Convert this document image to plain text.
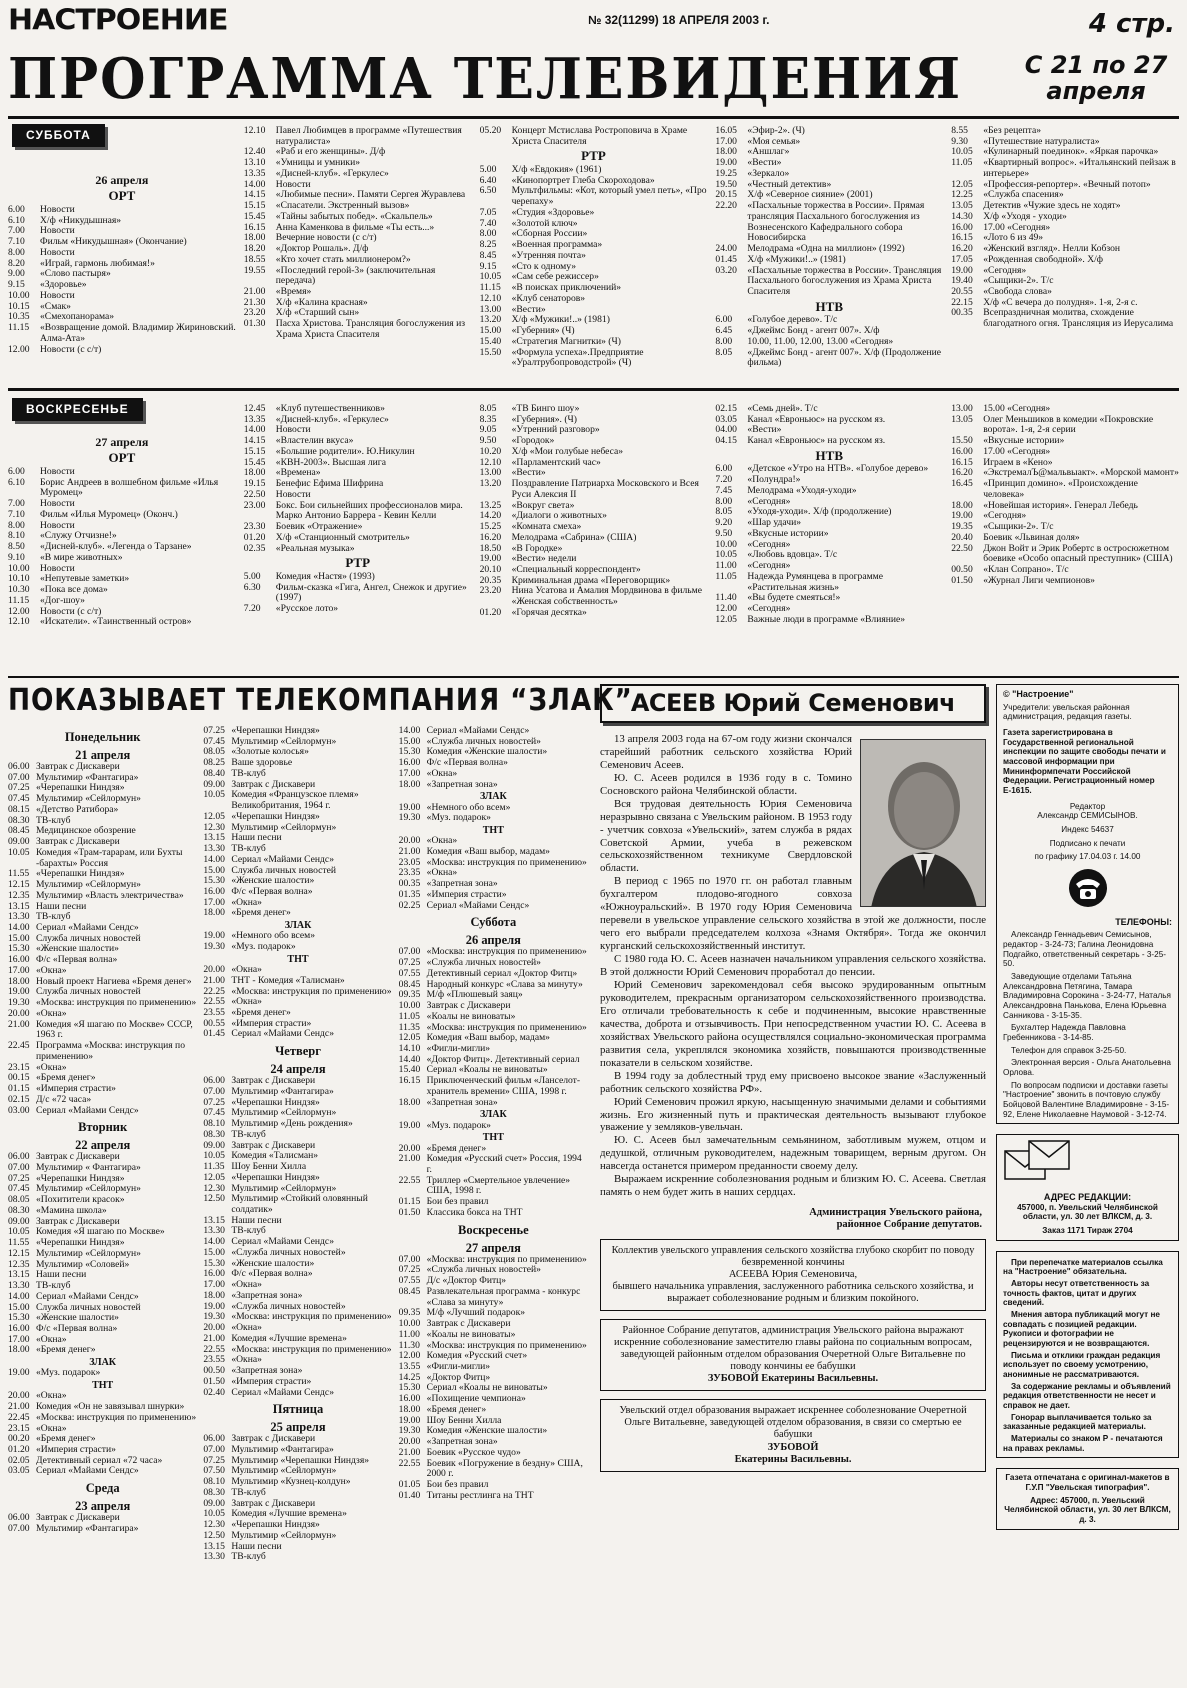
НАСТРОЕНИЕ	№ 32(11299) 18 АПРЕЛЯ 2003 г.	4 стр.
ПРОГРАММА ТЕЛЕВИДЕНИЯ	С 21 по 27 апреля
СУББОТА
26 апреля
ОРТ

6.00 Новости

6.10 Х/ф «Никудышная»

7.00 Новости

7.10 Фильм «Никудышная» (Окончание)

8.00 Новости

8.20 «Играй, гармонь любимая!»

9.00 «Слово пастыря»

9.15 «Здоровье»

10.00 Новости

10.15 «Смак»

10.35 «Смехопанорама»

11.15 «Возвращение домой. Владимир Жириновский. Алма-Ата»

12.00 Новости (с с/т)

12.10 Павел Любимцев в программе «Путешествия натуралиста»

12.40 «Раб и его женщины». Д/ф

13.10 «Умницы и умники»

13.35 «Дисней-клуб». «Геркулес»

14.00 Новости

14.15 «Любимые песни». Памяти Сергея Журавлева

15.15 «Спасатели. Экстренный вызов»

15.45 «Тайны забытых побед». «Скальпель»

16.15 Анна Каменкова в фильме «Ты есть...»

18.00 Вечерние новости (с с/т)

18.20 «Доктор Рошаль». Д/ф

18.55 «Кто хочет стать миллионером?»

19.55 «Последний герой-3» (заключительная передача)

21.00 «Время»

21.30 Х/ф «Калина красная»

23.20 Х/ф «Старший сын»

01.30 Пасха Христова. Трансляция богослужения из Храма Христа Спасителя

05.20 Концерт Мстислава Ростроповича в Храме Христа Спасителя

РТР

5.00 Х/ф «Евдокия» (1961)

6.40 «Кинопортрет Глеба Скороходова»

6.50 Мультфильмы: «Кот, который умел петь», «Про черепаху»

7.05 «Студия «Здоровье»

7.40 «Золотой ключ»

8.00 «Сборная России»

8.25 «Военная программа»

8.45 «Утренняя почта»

9.15 «Сто к одному»

10.05 «Сам себе режиссер»

11.15 «В поисках приключений»

12.10 «Клуб сенаторов»

13.00 «Вести»

13.20 Х/ф «Мужики!..» (1981)

15.00 «Губерния» (Ч)

15.40 «Стратегия Магнитки» (Ч)

15.50 «Формула успеха».Предприятие «Уралтрубопроводстрой» (Ч)

16.05 «Эфир-2». (Ч)

17.00 «Моя семья»

18.00 «Аншлаг»

19.00 «Вести»

19.25 «Зеркало»

19.50 «Честный детектив»

20.15 Х/ф «Северное сияние» (2001)

22.20 «Пасхальные торжества в России». Прямая трансляция Пасхального богослужения из Вознесенского Кафедрального собора Новосибирска

24.00 Мелодрама «Одна на миллион» (1992)

01.45 Х/ф «Мужики!..» (1981)

03.20 «Пасхальные торжества в России». Трансляция Пасхального богослужения из Храма Христа Спасителя

НТВ

6.00 «Голубое дерево». Т/с

6.45 «Джеймс Бонд - агент 007». Х/ф

8.00 10.00, 11.00, 12.00, 13.00 «Сегодня»

8.05 «Джеймс Бонд - агент 007». Х/ф (Продолжение фильма)

8.55 «Без рецепта»

9.30 «Путешествие натуралиста»

10.05 «Кулинарный поединок». «Яркая парочка»

11.05 «Квартирный вопрос». «Итальянский пейзаж в интерьере»

12.05 «Профессия-репортер». «Вечный потоп»

12.25 «Служба спасения»

13.05 Детектив «Чужие здесь не ходят»

14.30 Х/ф «Уходя - уходи»

16.00 17.00 «Сегодня»

16.15 «Лото 6 из 49»

16.20 «Женский взгляд». Нелли Кобзон

17.05 «Рожденная свободной». Х/ф

19.00 «Сегодня»

19.40 «Сыщики-2». Т/с

20.55 «Свобода слова»

22.15 Х/ф «С вечера до полудня». 1-я, 2-я с.

00.35 Всепраздничная молитва, схождение благодатного огня. Трансляция из Иерусалима

ВОСКРЕСЕНЬЕ
27 апреля
ОРТ

6.00 Новости

6.10 Борис Андреев в волшебном фильме «Илья Муромец»

7.00 Новости

7.10 Фильм «Илья Муромец» (Оконч.)

8.00 Новости

8.10 «Служу Отчизне!»

8.50 «Дисней-клуб». «Легенда о Тарзане»

9.10 «В мире животных»

10.00 Новости

10.10 «Непутевые заметки»

10.30 «Пока все дома»

11.15 «Дог-шоу»

12.00 Новости (с с/т)

12.10 «Искатели». «Таинственный остров»

12.45 «Клуб путешественников»

13.35 «Дисней-клуб». «Геркулес»

14.00 Новости

14.15 «Властелин вкуса»

15.15 «Большие родители». Ю.Никулин

15.45 «КВН-2003». Высшая лига

18.00 «Времена»

19.15 Бенефис Ефима Шифрина

22.50 Новости

23.00 Бокс. Бои сильнейших профессионалов мира. Марко Антонио Баррера - Кевин Келли

23.30 Боевик «Отражение»

01.20 Х/ф «Станционный смотритель»

02.35 «Реальная музыка»

РТР

5.00 Комедия «Настя» (1993)

6.30 Фильм-сказка «Гига, Ангел, Снежок и другие» (1997)

7.20 «Русское лото»

8.05 «ТВ Бинго шоу»

8.35 «Губерния». (Ч)

9.05 «Утренний разговор»

9.50 «Городок»

10.20 Х/ф «Мои голубые небеса»

12.10 «Парламентский час»

13.00 «Вести»

13.20 Поздравление Патриарха Московского и Всея Руси Алексия II

13.25 «Вокруг света»

14.20 «Диалоги о животных»

15.25 «Комната смеха»

16.20 Мелодрама «Сабрина» (США)

18.50 «В Городке»

19.00 «Вести» недели

20.10 «Специальный корреспондент»

20.35 Криминальная драма «Переговорщик»

23.20 Нина Усатова и Амалия Мордвинова в фильме «Женская собственность»

01.20 «Горячая десятка»

02.15 «Семь дней». Т/с

03.05 Канал «Евроньюс» на русском яз.

04.00 «Вести»

04.15 Канал «Евроньюс» на русском яз.

НТВ

6.00 «Детское «Утро на НТВ». «Голубое дерево»

7.20 «Полундра!»

7.45 Мелодрама «Уходя-уходи»

8.00 «Сегодня»

8.05 «Уходя-уходи». Х/ф (продолжение)

9.20 «Шар удачи»

9.50 «Вкусные истории»

10.00 «Сегодня»

10.05 «Любовь вдовца». Т/с

11.00 «Сегодня»

11.05 Надежда Румянцева в программе «Растительная жизнь»

11.40 «Вы будете смеяться!»

12.00 «Сегодня»

12.05 Важные люди в программе «Влияние»

13.00 15.00 «Сегодня»

13.05 Олег Меньшиков в комедии «Покровские ворота». 1-я, 2-я серии

15.50 «Вкусные истории»

16.00 17.00 «Сегодня»

16.15 Играем в «Кено»

16.20 «ЭкстремалЪ@мальвыакт». «Морской мамонт»

16.45 «Принцип домино». «Происхождение человека»

18.00 «Новейшая история». Генерал Лебедь

19.00 «Сегодня»

19.35 «Сыщики-2». Т/с

20.40 Боевик «Львиная доля»

22.50 Джон Войт и Эрик Робертс в остросюжетном боевике «Особо опасный преступник» (США)

00.50 «Клан Сопрано». Т/с

01.50 «Журнал Лиги чемпионов»

ПОКАЗЫВАЕТ ТЕЛЕКОМПАНИЯ “ЗЛАК”
Понедельник
21 апреля

06.00 Завтрак с Дискавери

07.00 Мультимир «Фантагира»

07.25 «Черепашки Ниндзя»

07.45 Мультимир «Сейлормун»

08.15 «Детство Ратибора»

08.30 ТВ-клуб

08.45 Медицинское обозрение

09.00 Завтрак с Дискавери

10.05 Комедия «Трам-тарарам, или Бухты -барахты» Россия

11.55 «Черепашки Ниндзя»

12.15 Мультимир «Сейлормун»

12.35 Мультимир «Власть электричества»

13.15 Наши песни

13.30 ТВ-клуб

14.00 Сериал «Майами Сендс»

15.00 Служба личных новостей

15.30 «Женские шалости»

16.00 Ф/с «Первая волна»

17.00 «Окна»

18.00 Новый проект Нагиева «Бремя денег»

19.00 Служба личных новостей

19.30 «Москва: инструкция по применению»

20.00 «Окна»

21.00 Комедия «Я шагаю по Москве» СССР, 1963 г.

22.45 Программа «Москва: инструкция по применению»

23.15 «Окна»

00.15 «Бремя денег»

01.15 «Империя страсти»

02.15 Д/с «72 часа»

03.00 Сериал «Майами Сендс»

Вторник
22 апреля

06.00 Завтрак с Дискавери

07.00 Мультимир « Фантагира»

07.25 «Черепашки Ниндзя»

07.45 Мультимир «Сейлормун»

08.05 «Похитители красок»

08.30 «Мамина школа»

09.00 Завтрак с Дискавери

10.05 Комедия «Я шагаю по Москве»

11.55 «Черепашки Ниндзя»

12.15 Мультимир «Сейлормун»

12.35 Мультимир «Соловей»

13.15 Наши песни

13.30 ТВ-клуб

14.00 Сериал «Майами Сендс»

15.00 Служба личных новостей

15.30 «Женские шалости»

16.00 Ф/с «Первая волна»

17.00 «Окна»

18.00 «Бремя денег»

ЗЛАК

19.00 «Муз. подарок»

ТНТ

20.00 «Окна»

21.00 Комедия «Он не завязывал шнурки»

22.45 «Москва: инструкция по применению»

23.15 «Окна»

00.20 «Бремя денег»

01.20 «Империя страсти»

02.05 Детективный сериал «72 часа»

03.05 Сериал «Майами Сендс»

Среда
23 апреля

06.00 Завтрак с Дискавери

07.00 Мультимир «Фантагира»

07.25 «Черепашки Ниндзя»

07.45 Мультимир «Сейлормун»

08.05 «Золотые колосья»

08.25 Ваше здоровье

08.40 ТВ-клуб

09.00 Завтрак с Дискавери

10.05 Комедия «Французское племя» Великобритания, 1964 г.

12.05 «Черепашки Ниндзя»

12.30 Мультимир «Сейлормун»

13.15 Наши песни

13.30 ТВ-клуб

14.00 Сериал «Майами Сендс»

15.00 Служба личных новостей

15.30 «Женские шалости»

16.00 Ф/с «Первая волна»

17.00 «Окна»

18.00 «Бремя денег»

ЗЛАК

19.00 «Немного обо всем»

19.30 «Муз. подарок»

ТНТ

20.00 «Окна»

21.00 ТНТ - Комедия «Талисман»

22.25 «Москва: инструкция по применению»

22.55 «Окна»

23.55 «Бремя денег»

00.55 «Империя страсти»

01.45 Сериал «Майами Сендс»

Четверг
24 апреля

06.00 Завтрак с Дискавери

07.00 Мультимир «Фантагира»

07.25 «Черепашки Ниндзя»

07.45 Мультимир «Сейлормун»

08.10 Мультимир «День рождения»

08.30 ТВ-клуб

09.00 Завтрак с Дискавери

10.05 Комедия «Талисман»

11.35 Шоу Бенни Хилла

12.05 «Черепашки Ниндзя»

12.30 Мультимир «Сейлормун»

12.50 Мультимир «Стойкий оловянный солдатик»

13.15 Наши песни

13.30 ТВ-клуб

14.00 Сериал «Майами Сендс»

15.00 «Служба личных новостей»

15.30 «Женские шалости»

16.00 Ф/с «Первая волна»

17.00 «Окна»

18.00 «Запретная зона»

19.00 «Служба личных новостей»

19.30 «Москва: инструкция по применению»

20.00 «Окна»

21.00 Комедия «Лучшие времена»

22.55 «Москва: инструкция по применению»

23.55 «Окна»

00.50 «Запретная зона»

01.50 «Империя страсти»

02.40 Сериал «Майами Сендс»

Пятница
25 апреля

06.00 Завтрак с Дискавери

07.00 Мультимир «Фантагира»

07.25 Мультимир «Черепашки Ниндзя»

07.50 Мультимир «Сейлормун»

08.10 Мультимир «Кузнец-колдун»

08.30 ТВ-клуб

09.00 Завтрак с Дискавери

10.05 Комедия «Лучшие времена»

12.30 «Черепашки Ниндзя»

12.50 Мультимир «Сейлормун»

13.15 Наши песни

13.30 ТВ-клуб

14.00 Сериал «Майами Сендс»

15.00 «Служба личных новостей»

15.30 Комедия «Женские шалости»

16.00 Ф/с «Первая волна»

17.00 «Окна»

18.00 «Запретная зона»

ЗЛАК

19.00 «Немного обо всем»

19.30 «Муз. подарок»

ТНТ

20.00 «Окна»

21.00 Комедия «Ваш выбор, мадам»

23.05 «Москва: инструкция по применению»

23.35 «Окна»

00.35 «Запретная зона»

01.35 «Империя страсти»

02.25 Сериал «Майами Сендс»

Суббота
26 апреля

07.00 «Москва: инструкция по применению»

07.25 «Служба личных новостей»

07.55 Детективный сериал «Доктор Фитц»

08.45 Народный конкурс «Слава за минуту»

09.35 М/ф «Плюшевый заяц»

10.00 Завтрак с Дискавери

11.05 «Коалы не виноваты»

11.35 «Москва: инструкция по применению»

12.05 Комедия «Ваш выбор, мадам»

14.10 «Фигли-мигли»

14.40 «Доктор Фитц». Детективный сериал

15.40 Сериал «Коалы не виноваты»

16.15 Приключенческий фильм «Ланселот- хранитель времени» США, 1998 г.

18.00 «Запретная зона»

ЗЛАК

19.00 «Муз. подарок»

ТНТ

20.00 «Бремя денег»

21.00 Комедия «Русский счет» Россия, 1994 г.

22.55 Триллер «Смертельное увлечение» США, 1998 г.

01.15 Бои без правил

01.50 Классика бокса на ТНТ

Воскресенье
27 апреля

07.00 «Москва: инструкция по применению»

07.25 «Служба личных новостей»

07.55 Д/с «Доктор Фитц»

08.45 Развлекательная программа - конкурс «Слава за минуту»

09.35 М/ф «Лучший подарок»

10.00 Завтрак с Дискавери

11.00 «Коалы не виноваты»

11.30 «Москва: инструкция по применению»

12.00 Комедия «Русский счет»

13.55 «Фигли-мигли»

14.25 «Доктор Фитц»

15.30 Сериал «Коалы не виноваты»

16.00 «Похищение чемпиона»

18.00 «Бремя денег»

19.00 Шоу Бенни Хилла

19.30 Комедия «Женские шалости»

20.00 «Запретная зона»

21.00 Боевик «Русское чудо»

22.55 Боевик «Погружение в бездну» США, 2000 г.

01.05 Бои без правил

01.40 Титаны рестлинга на ТНТ

АСЕЕВ Юрий Семенович

13 апреля 2003 года на 67-ом году жизни скончался старейший работник сельского хозяйства Юрий Семенович Асеев.

Ю. С. Асеев родился в 1936 году в с. Томино Сосновского района Челябинской области.

Вся трудовая деятельность Юрия Семеновича неразрывно связана с Увельским районом. В 1953 году - учетчик совхоза «Увельский», затем служба в рядах Советской Армии, учеба в режевском сельскохозяйственном техникуме Свердловской области.

В период с 1965 по 1970 гг. он работал главным бухгалтером плодово-ягодного совхоза «Южноуральский». В 1970 году Юрия Семеновича перевели в увельское управление сельского хозяйства в этой же должности, после чего его выбрали председателем колхоза «Знамя Октября». Тогда же окончил курганский сельскохозяйственный институт.

С 1980 года Ю. С. Асеев назначен начальником управления сельского хозяйства. В этой должности Юрий Семенович проработал до пенсии.

Юрий Семенович зарекомендовал себя высоко эрудированным опытным руководителем, прекрасным организатором сельскохозяйственного производства. Его отличали требовательность к себе и подчиненным, высокие нравственные качества, доброта и отзывчивость. При непосредственном участии Ю. С. Асеева в хозяйствах Увельского района осуществлялся социально-экономическая программа развития села, укреплялся экономика хозяйств, повышаются производственные показатели в сельском хозяйстве.

В 1994 году за доблестный труд ему присвоено высокое звание «Заслуженный работник сельского хозяйства РФ».

Юрий Семенович прожил яркую, насыщенную значимыми делами и событиями жизнь. Его жизненный путь и практическая деятельность вызывают глубокое уважение у земляков-увельчан.

Ю. С. Асеев был замечательным семьянином, заботливым мужем, отцом и дедушкой, отличным руководителем, надежным товарищем, верным другом. Он навсегда останется примером преданности своему делу.

Выражаем искренние соболезнования родным и близким Ю. С. Асеева. Светлая память о нем будет жить в наших сердцах.

Администрация Увельского района,
районное Собрание депутатов.
Коллектив увельского управления сельского хозяйства глубоко скорбит по поводу безвременной кончины
АСЕЕВА Юрия Семеновича,
бывшего начальника управления, заслуженного работника сельского хозяйства, и выражает соболезнование родным и близким покойного.
Районное Собрание депутатов, администрация Увельского района выражают искренние соболезнование заместителю главы района по социальным вопросам, заведующей районным отделом образования Очеретной Ольге Витальевне по поводу кончины ее бабушки
ЗУБОВОЙ Екатерины Васильевны.
Увельский отдел образования выражает искреннее соболезнование Очеретной Ольге Витальевне, заведующей отделом образования, в связи со смертью ее бабушки
ЗУБОВОЙ
Екатерины Васильевны.
© "Настроение"
Учредители: увельская районная администрация, редакция газеты.
Газета зарегистрирована в Государственной региональной инспекции по защите свободы печати и массовой информации при Мининформпечати Российской Федерации. Регистрационный номер Е-1615.
Редактор
Александр СЕМИСЫНОВ.
Индекс 54637
Подписано к печати
по графику 17.04.03 г. 14.00
ТЕЛЕФОНЫ:
Александр Геннадьевич Семисынов, редактор - 3-24-73; Галина Леонидовна Подгайко, ответственный секретарь - 3-25-50.
Заведующие отделами Татьяна Александровна Петягина, Тамара Владимировна Сорокина - 3-24-77, Наталья Александровна Панькова, Елена Юрьевна Санникова - 3-15-35.
Бухгалтер Надежда Павловна Гребенникова - 3-14-85.
Телефон для справок 3-25-50.
Электронная версия - Ольга Анатольевна Орлова.
По вопросам подписки и доставки газеты "Настроение" звонить в почтовую службу Бойцовой Валентине Владимировне - 3-15-92, Елене Николаевне Наумовой - 3-12-74.
АДРЕС РЕДАКЦИИ:
457000, п. Увельский Челябинской области, ул. 30 лет ВЛКСМ, д. 3.
Заказ 1171 Тираж 2704
При перепечатке материалов ссылка на "Настроение" обязательна.
Авторы несут ответственность за точность фактов, цитат и других сведений.
Мнения автора публикаций могут не совпадать с позицией редакции. Рукописи и фотографии не рецензируются и не возвращаются.
Письма и отклики граждан редакция использует по своему усмотрению, анонимные не рассматриваются.
За содержание рекламы и объявлений редакция ответственности не несет и справок не дает.
Гонорар выплачивается только за заказанные редакцией материалы.
Материалы со знаком Р - печатаются на правах рекламы.
Газета отпечатана с оригинал-макетов в Г.У.П "Увельская типография".
Адрес: 457000, п. Увельский Челябинской области, ул. 30 лет ВЛКСМ, д. 3.
